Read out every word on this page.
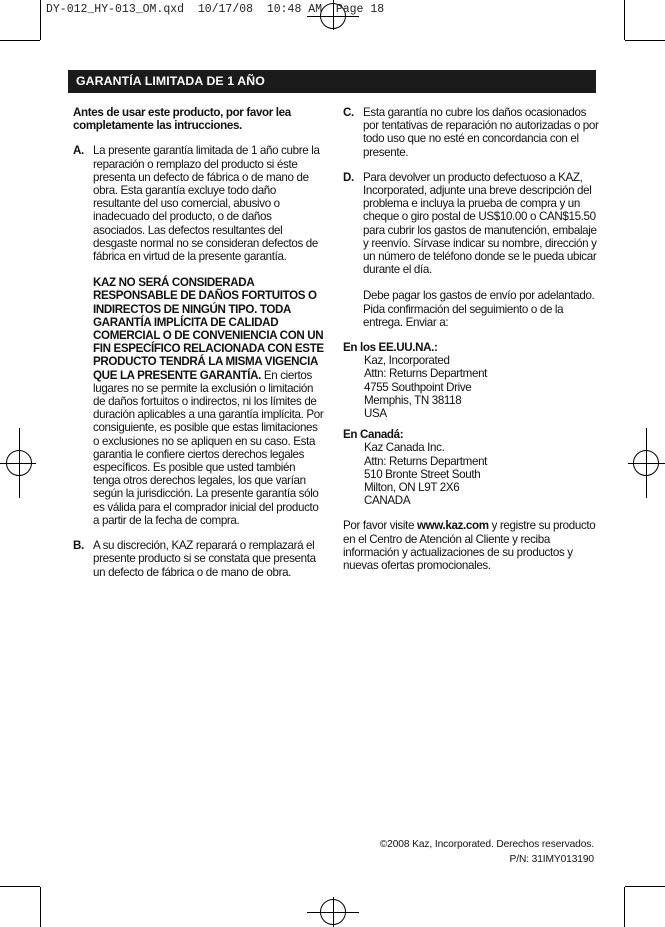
DY-012_HY-013_OM.qxd  10/17/08  10:48 AM  Page 18
GARANTÍA LIMITADA DE 1 AÑO

Antes de usar este producto, por favor lea completamente las intrucciones.

A. La presente garantía limitada de 1 año cubre la reparación o remplazo del producto si éste presenta un defecto de fábrica o de mano de obra. Esta garantía excluye todo daño resultante del uso comercial, abusivo o inadecuado del producto, o de daños asociados. Las defectos resultantes del desgaste normal no se consideran defectos de fábrica en virtud de la presente garantía.

KAZ NO SERÁ CONSIDERADA RESPONSABLE DE DAÑOS FORTUITOS O INDIRECTOS DE NINGÚN TIPO. TODA GARANTÍA IMPLÍCITA DE CALIDAD COMERCIAL O DE CONVENIENCIA CON UN FIN ESPECÍFICO RELACIONADA CON ESTE PRODUCTO TENDRÁ LA MISMA VIGENCIA QUE LA PRESENTE GARANTÍA. En ciertos lugares no se permite la exclusión o limitación de daños fortuitos o indirectos, ni los límites de duración aplicables a una garantía implícita. Por consiguiente, es posible que estas limitaciones o exclusiones no se apliquen en su caso. Esta garantia le confiere ciertos derechos legales específicos. Es posible que usted también tenga otros derechos legales, los que varían según la jurisdicción. La presente garantía sólo es válida para el comprador inicial del producto a partir de la fecha de compra.

B. A su discreción, KAZ reparará o remplazará el presente producto si se constata que presenta un defecto de fábrica o de mano de obra.

C. Esta garantía no cubre los daños ocasionados por tentativas de reparación no autorizadas o por todo uso que no esté en concordancia con el presente.

D. Para devolver un producto defectuoso a KAZ, Incorporated, adjunte una breve descripción del problema e incluya la prueba de compra y un cheque o giro postal de US$10.00 o CAN$15.50 para cubrir los gastos de manutención, embalaje y reenvío. Sírvase indicar su nombre, dirección y un número de teléfono donde se le pueda ubicar durante el día.

Debe pagar los gastos de envío por adelantado. Pida confirmación del seguimiento o de la entrega. Enviar a:

En los EE.UU.NA.:

Kaz, Incorporated
Attn: Returns Department
4755 Southpoint Drive
Memphis, TN 38118
USA

En Canadá:

Kaz Canada Inc.
Attn: Returns Department
510 Bronte Street South
Milton, ON L9T 2X6
CANADA

Por favor visite www.kaz.com y registre su producto en el Centro de Atención al Cliente y reciba información y actualizaciones de su productos y nuevas ofertas promocionales.

©2008 Kaz, Incorporated. Derechos reservados.
P/N: 31IMY013190
